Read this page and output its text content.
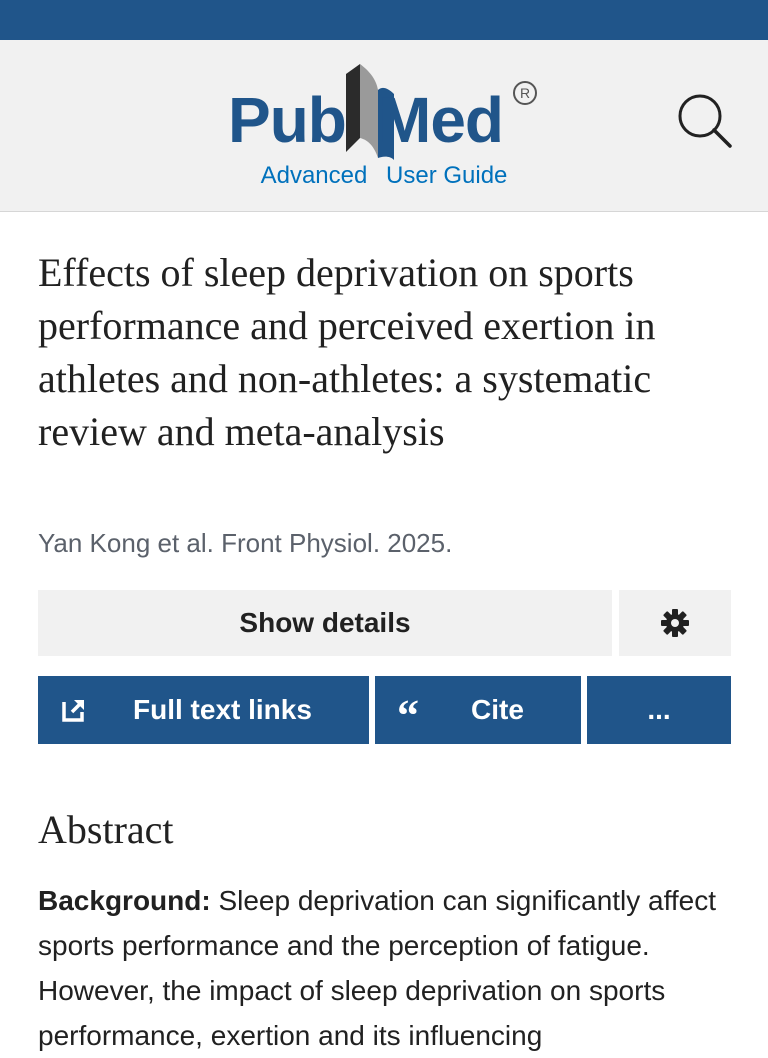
Pub Med R
Advanced User Guide
Effects of sleep deprivation on sports performance and perceived exertion in athletes and non-athletes: a systematic review and meta-analysis
Yan Kong et al. Front Physiol. 2025.
Show details
Full text links “ Cite	...
Abstract

Background: Sleep deprivation can significantly affect sports performance and the perception of fatigue. However, the impact of sleep deprivation on sports performance, exertion and its influencing
